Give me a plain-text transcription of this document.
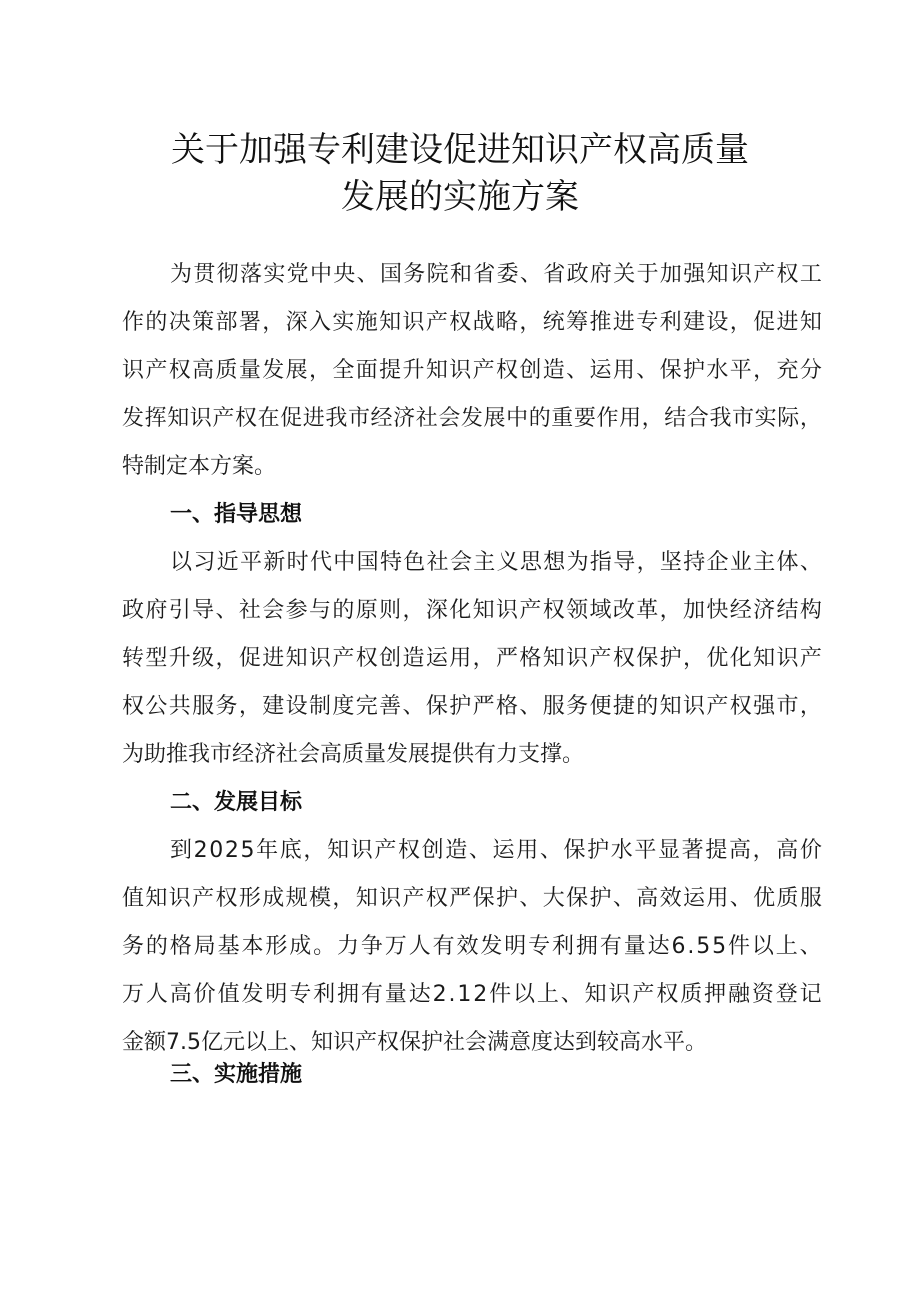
关于加强专利建设促进知识产权高质量
发展的实施方案
为 贯 彻 落 实 党 中 央 、 国 务 院 和 省 委 、 省 政 府 关 于 加 强 知 识 产 权 工
作 的 决 策 部 署 ， 深 入 实 施 知 识 产 权 战 略 ， 统 筹 推 进 专 利 建 设 ， 促 进 知
识 产 权 高 质 量 发 展 ， 全 面 提 升 知 识 产 权 创 造 、 运 用 、 保 护 水 平 ， 充 分
发 挥 知 识 产 权 在 促 进 我 市 经 济 社 会 发 展 中 的 重 要 作 用 ， 结 合 我 市 实 际 ，
特制定本方案。
一、指导思想
以 习 近 平 新 时 代 中 国 特 色 社 会 主 义 思 想 为 指 导 ， 坚 持 企 业 主 体 、
政 府 引 导 、 社 会 参 与 的 原 则 ， 深 化 知 识 产 权 领 域 改 革 ， 加 快 经 济 结 构
转 型 升 级 ， 促 进 知 识 产 权 创 造 运 用 ， 严 格 知 识 产 权 保 护 ， 优 化 知 识 产
权 公 共 服 务 ， 建 设 制 度 完 善 、 保 护 严 格 、 服 务 便 捷 的 知 识 产 权 强 市 ，
为助推我市经济社会高质量发展提供有力支撑。
二、发展目标
到 2 0 2 5 年 底 ， 知 识 产 权 创 造 、 运 用 、 保 护 水 平 显 著 提 高 ， 高 价
值 知 识 产 权 形 成 规 模 ， 知 识 产 权 严 保 护 、 大 保 护 、 高 效 运 用 、 优 质 服
务 的 格 局 基 本 形 成 。 力 争 万 人 有 效 发 明 专 利 拥 有 量 达 6 . 5 5 件 以 上 、
万 人 高 价 值 发 明 专 利 拥 有 量 达 2 . 1 2 件 以 上 、 知 识 产 权 质 押 融 资 登 记
金额7.5亿元以上、知识产权保护社会满意度达到较高水平。
三、实施措施
